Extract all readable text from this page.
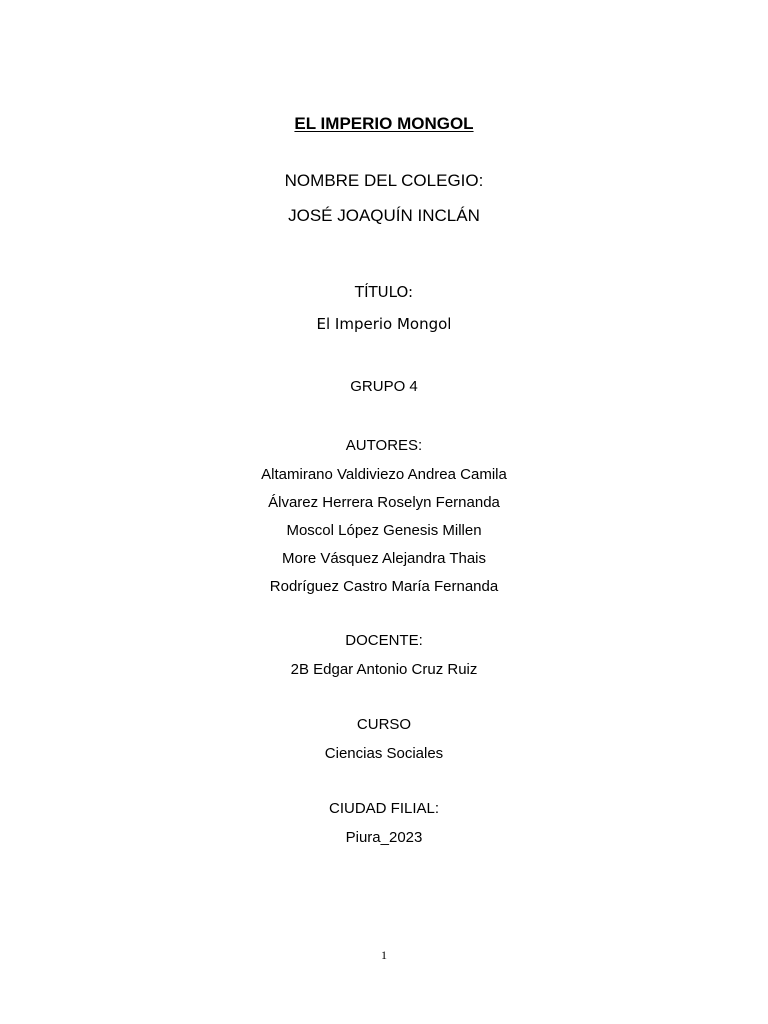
EL IMPERIO MONGOL
NOMBRE DEL COLEGIO:
JOSÉ JOAQUÍN INCLÁN
TÍTULO:
El Imperio Mongol
GRUPO 4
AUTORES:
Altamirano Valdiviezo Andrea Camila
Álvarez Herrera Roselyn Fernanda
Moscol López Genesis Millen
More Vásquez Alejandra Thais
Rodríguez Castro María Fernanda
DOCENTE:
2B Edgar Antonio Cruz Ruiz
CURSO
Ciencias Sociales
CIUDAD FILIAL:
Piura_2023
1
